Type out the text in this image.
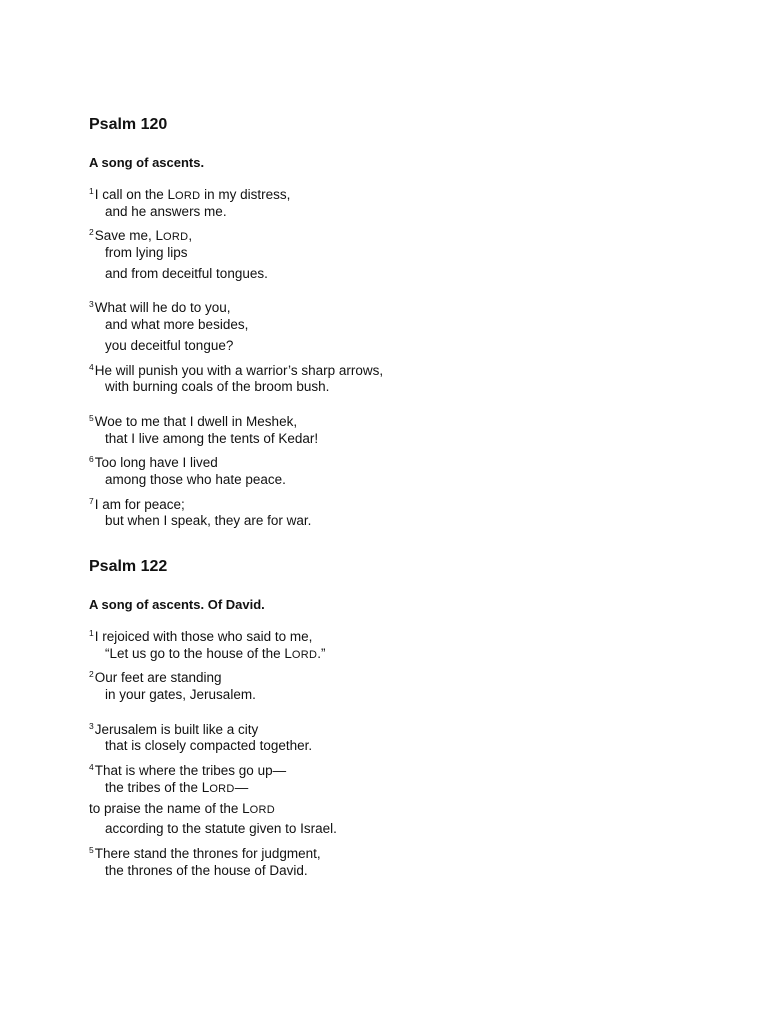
Psalm 120
A song of ascents.
$^1$I call on the LORD in my distress,
and he answers me.
$^2$Save me, LORD,
from lying lips
and from deceitful tongues.
$^3$What will he do to you,
and what more besides,
you deceitful tongue?
$^4$He will punish you with a warrior’s sharp arrows,
with burning coals of the broom bush.
$^5$Woe to me that I dwell in Meshek,
that I live among the tents of Kedar!
$^6$Too long have I lived
among those who hate peace.
$^7$I am for peace;
but when I speak, they are for war.
Psalm 122
A song of ascents. Of David.
$^1$I rejoiced with those who said to me,
“Let us go to the house of the LORD.”
$^2$Our feet are standing
in your gates, Jerusalem.
$^3$Jerusalem is built like a city
that is closely compacted together.
$^4$That is where the tribes go up—
the tribes of the LORD—
to praise the name of the LORD
according to the statute given to Israel.
$^5$There stand the thrones for judgment,
the thrones of the house of David.
